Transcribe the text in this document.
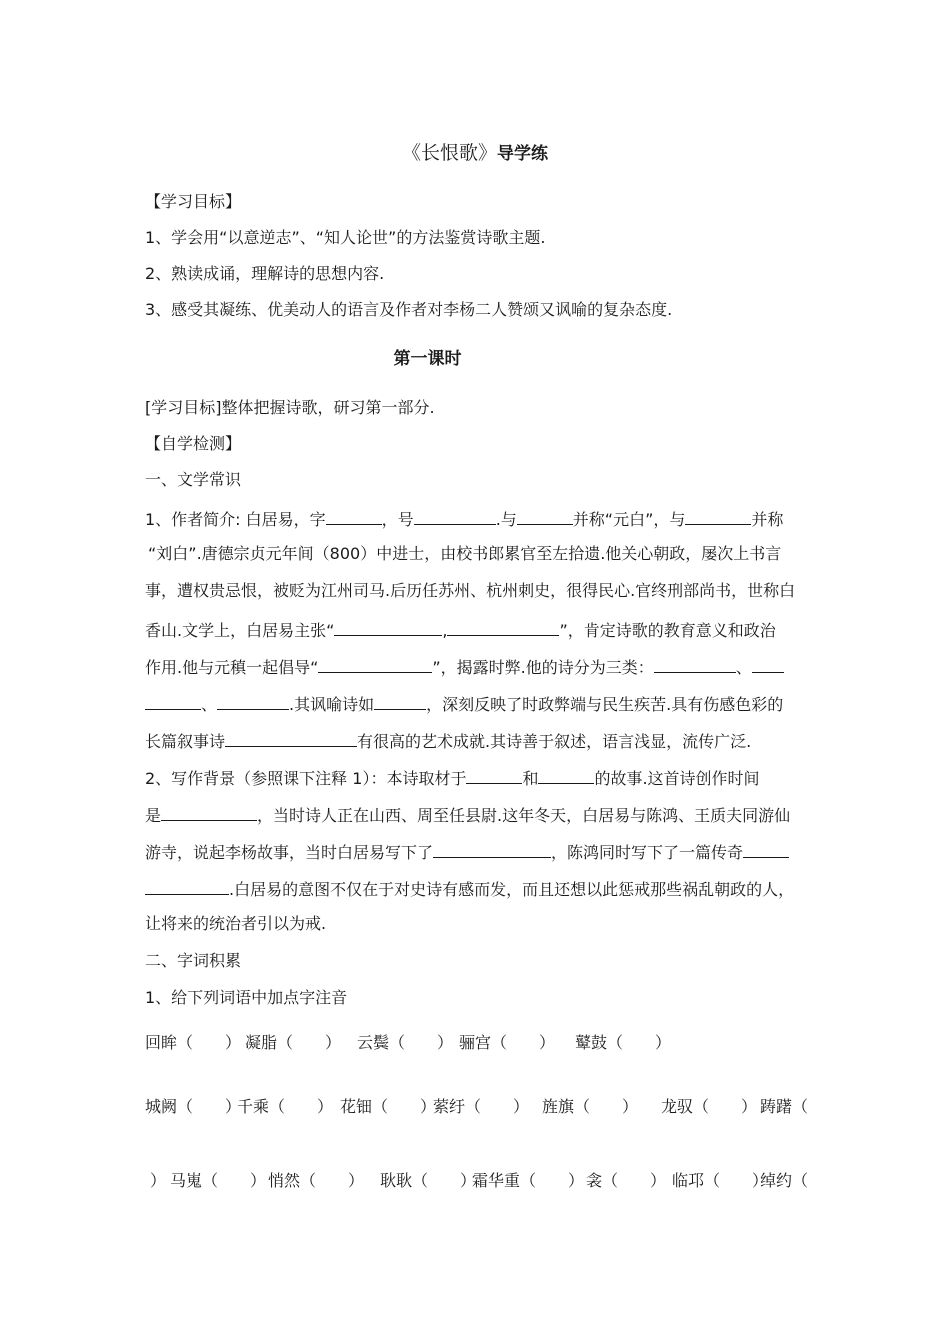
《长恨歌》导学练
【学习目标】
1、学会用“以意逆志”、“知人论世”的方法鉴赏诗歌主题.
2、熟读成诵，理解诗的思想内容.
3、感受其凝练、优美动人的语言及作者对李杨二人赞颂又讽喻的复杂态度.
第一课时
[学习目标]整体把握诗歌，研习第一部分.
【自学检测】
一、文学常识
1、作者简介: 白居易，字	，号	.与	并称“元白”，与	并称
“刘白”.唐德宗贞元年间（800）中进士，由校书郎累官至左拾遗.他关心朝政，屡次上书言
事，遭权贵忌恨，被贬为江州司马.后历任苏州、杭州刺史，很得民心.官终刑部尚书，世称白
香山.文学上，白居易主张“	,	”，肯定诗歌的教育意义和政治
作用.他与元稹一起倡导“	”，揭露时弊.他的诗分为三类：	、
、	.其讽喻诗如	，深刻反映了时政弊端与民生疾苦.具有伤感色彩的
长篇叙事诗	有很高的艺术成就.其诗善于叙述，语言浅显，流传广泛.
2、写作背景（参照课下注释 1）：本诗取材于	和	的故事.这首诗创作时间
是	，当时诗人正在山西、周至任县尉.这年冬天，白居易与陈鸿、王质夫同游仙
游寺，说起李杨故事，当时白居易写下了	，陈鸿同时写下了一篇传奇
.白居易的意图不仅在于对史诗有感而发，而且还想以此惩戒那些祸乱朝政的人，
让将来的统治者引以为戒.
二、字词积累
1、给下列词语中加点字注音
回眸（　　） 凝脂（　　） 云鬓（　　） 骊宫（　　） 鼙鼓（　　）
城阙（　　）
千乘（　　） 花钿（　　）
萦纡（　　） 旌旗（　　） 龙驭（　　） 踌躇（
） 马嵬（　　） 悄然（　　） 耿耿（　　）
霜华重（　　） 衾（　　） 临邛（　　）
绰约（
